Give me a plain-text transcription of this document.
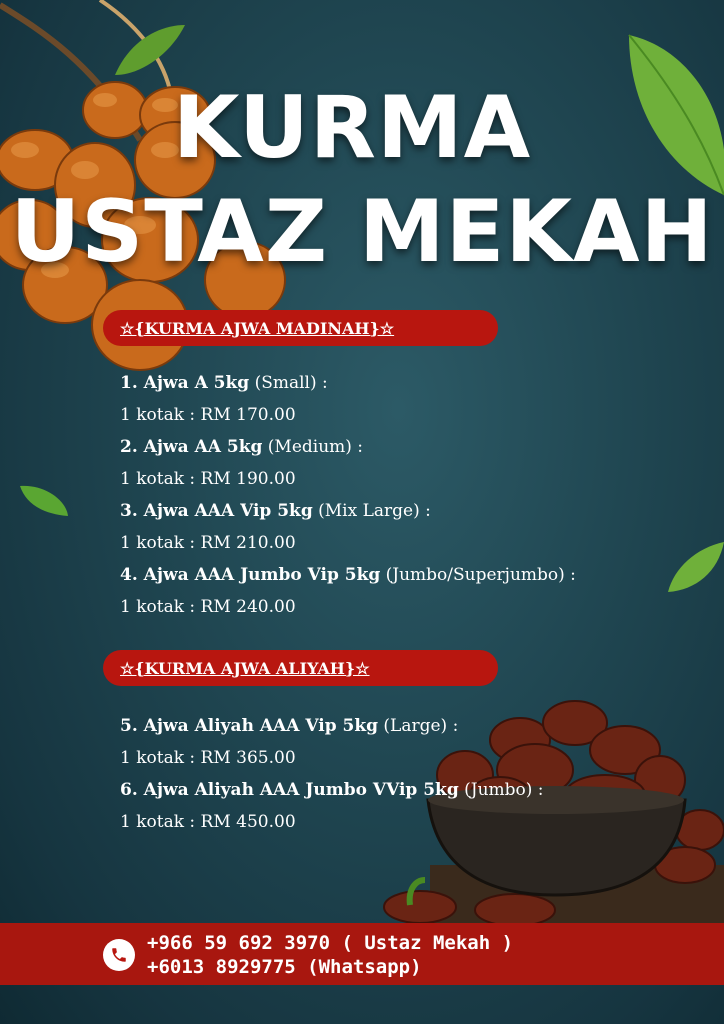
KURMA
USTAZ MEKAH
☆{KURMA AJWA MADINAH}☆
1. Ajwa A 5kg (Small) :
1 kotak : RM 170.00
2. Ajwa AA 5kg (Medium) :
1 kotak : RM 190.00
3. Ajwa AAA Vip 5kg (Mix Large) :
1 kotak : RM 210.00
4. Ajwa AAA Jumbo Vip 5kg (Jumbo/Superjumbo) :
1 kotak : RM 240.00
☆{KURMA AJWA ALIYAH}☆
5. Ajwa Aliyah AAA Vip 5kg (Large) :
1 kotak : RM 365.00
6. Ajwa Aliyah AAA Jumbo VVip 5kg (Jumbo) :
1 kotak : RM 450.00
+966 59 692 3970 ( Ustaz Mekah )
+6013 8929775 (Whatsapp)
